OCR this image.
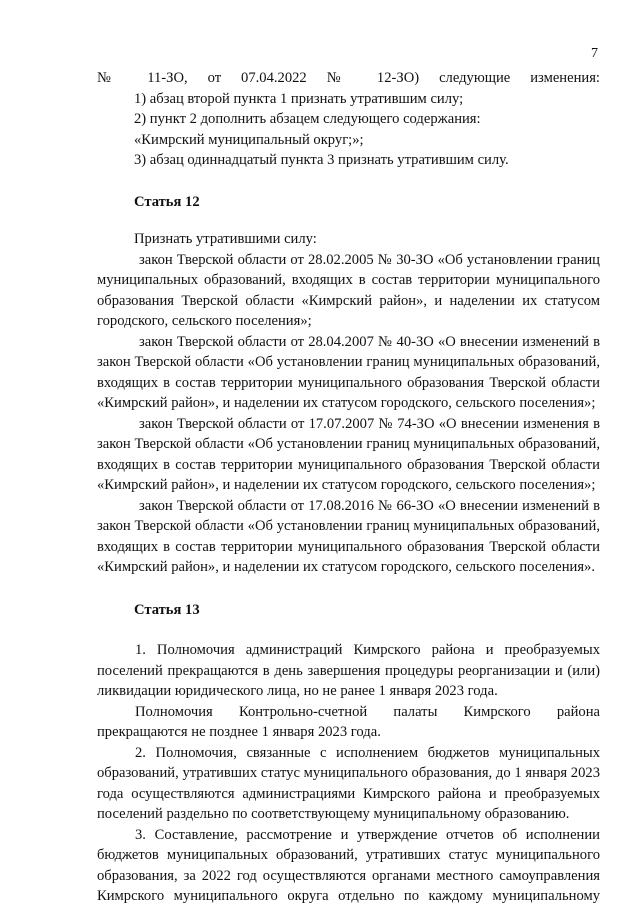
7

№ 11-ЗО, от 07.04.2022 № 12-ЗО) следующие изменения:

1) абзац второй пункта 1 признать утратившим силу;

2) пункт 2 дополнить абзацем следующего содержания:

«Кимрский муниципальный округ;»;

3) абзац одиннадцатый пункта 3 признать утратившим силу.

Статья 12

Признать утратившими силу:

закон Тверской области от 28.02.2005 № 30-ЗО «Об установлении границ муниципальных образований, входящих в состав территории муниципального образования Тверской области «Кимрский район», и наделении их статусом городского, сельского поселения»;

закон Тверской области от 28.04.2007 № 40-ЗО «О внесении изменений в закон Тверской области «Об установлении границ муниципальных образований, входящих в состав территории муниципального образования Тверской области «Кимрский район», и наделении их статусом городского, сельского поселения»;

закон Тверской области от 17.07.2007 № 74-ЗО «О внесении изменения в закон Тверской области «Об установлении границ муниципальных образований, входящих в состав территории муниципального образования Тверской области «Кимрский район», и наделении их статусом городского, сельского поселения»;

закон Тверской области от 17.08.2016 № 66-ЗО «О внесении изменений в закон Тверской области «Об установлении границ муниципальных образований, входящих в состав территории муниципального образования Тверской области «Кимрский район», и наделении их статусом городского, сельского поселения».

Статья 13

1. Полномочия администраций Кимрского района и преобразуемых поселений прекращаются в день завершения процедуры реорганизации и (или) ликвидации юридического лица, но не ранее 1 января 2023 года.

Полномочия Контрольно-счетной палаты Кимрского района

прекращаются не позднее 1 января 2023 года.

2. Полномочия, связанные с исполнением бюджетов муниципальных образований, утративших статус муниципального образования, до 1 января 2023 года осуществляются администрациями Кимрского района и преобразуемых поселений раздельно по соответствующему муниципальному образованию.

3. Составление, рассмотрение и утверждение отчетов об исполнении бюджетов муниципальных образований, утративших статус муниципального образования, за 2022 год осуществляются органами местного самоуправления Кимрского муниципального округа отдельно по каждому муниципальному
